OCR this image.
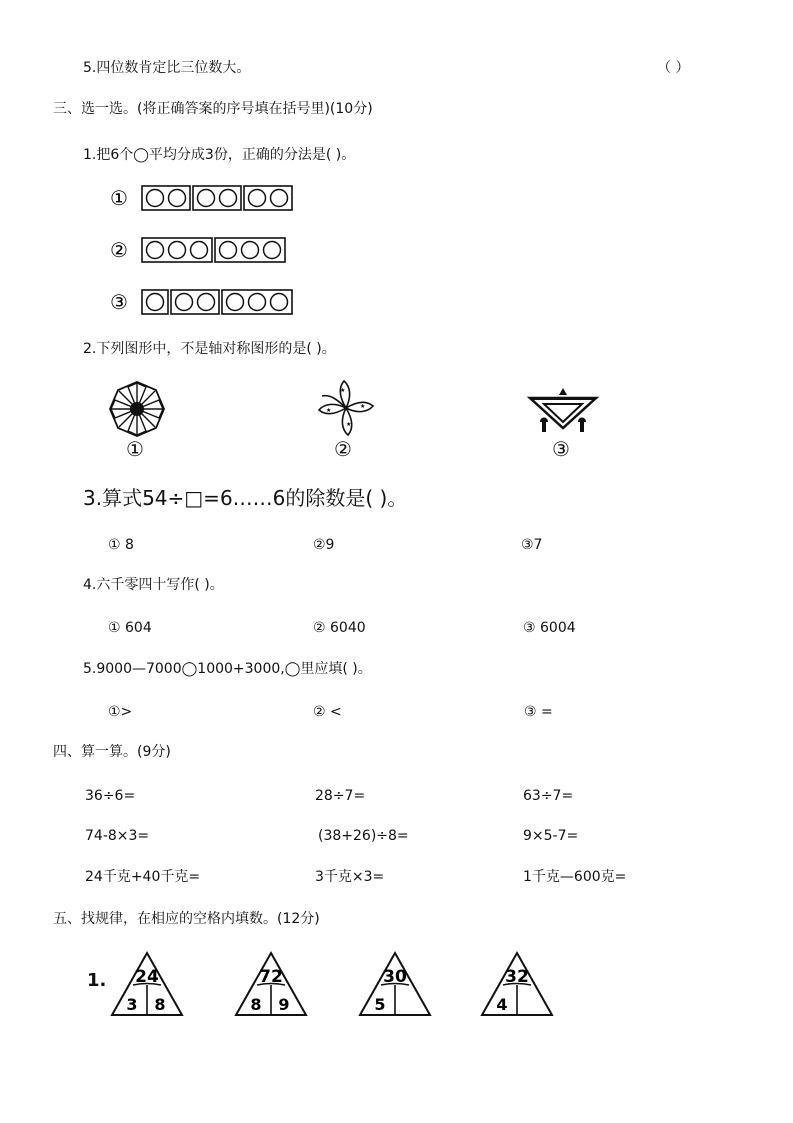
5.四位数肯定比三位数大。	（ ）
三、选一选。(将正确答案的序号填在括号里)(10分)
1.把6个◯平均分成3份，正确的分法是( )。
①
②
③
2.下列图形中，不是轴对称图形的是( )。
①
★
★
★
★
②	③
3.算式54÷□=6……6的除数是( )。
① 8	②9	③7
4.六千零四十写作( )。
① 604	② 6040	③ 6004
5.9000—7000◯1000+3000,◯里应填( )。
①>	② <	③ =
四、算一算。(9分)
36÷6=	28÷7=	63÷7=
74-8×3=	(38+26)÷8=	9×5-7=
24千克+40千克=	3千克×3=	1千克—600克=
五、找规律，在相应的空格内填数。(12分)
1. 24
3 8
72
8 9
30
5
32
4
